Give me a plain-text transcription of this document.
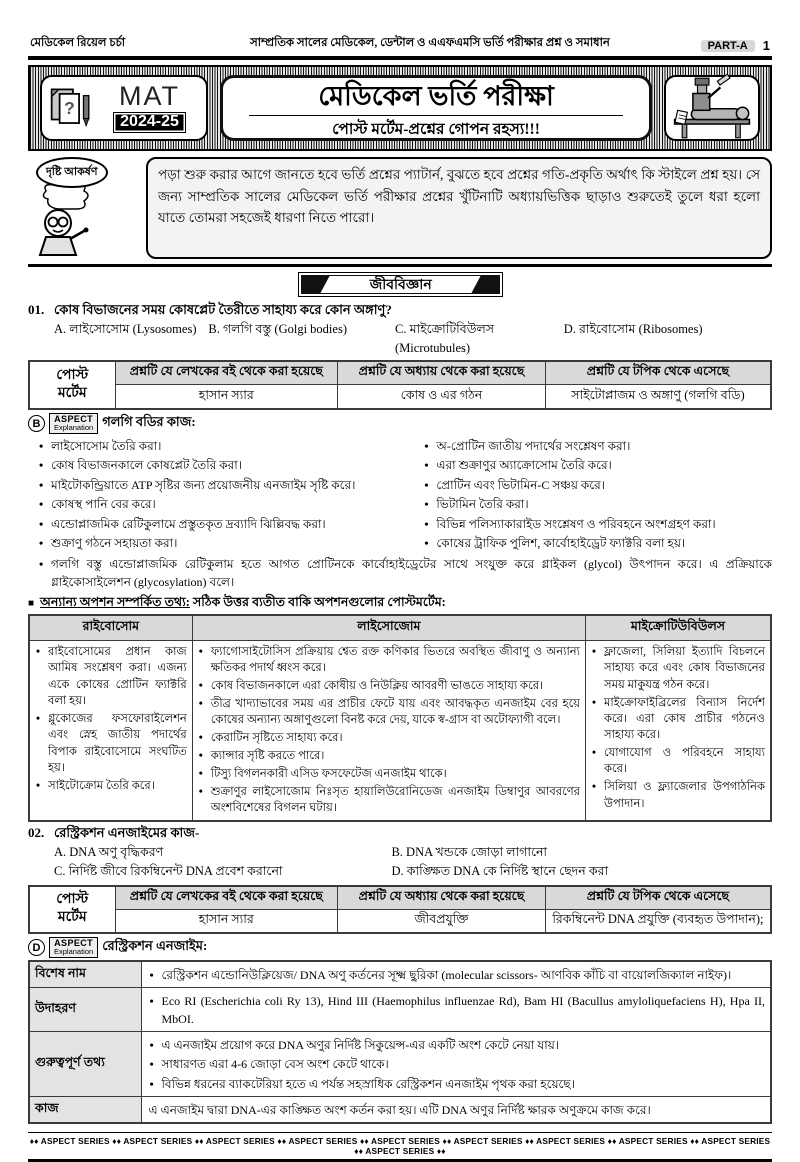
মেডিকেল রিয়েল চর্চা	সাম্প্রতিক সালের মেডিকেল, ডেন্টাল ও এএফএমসি ভর্তি পরীক্ষার প্রশ্ন ও সমাধান	PART-A	1
?	MAT
2024-25
মেডিকেল ভর্তি পরীক্ষা
পোস্ট মর্টেম-প্রশ্নের গোপন রহস্য!!!
দৃষ্টি আকর্ষণ	পড়া শুরু করার আগে জানতে হবে ভর্তি প্রশ্নের প্যাটার্ন, বুঝতে হবে প্রশ্নের গতি-প্রকৃতি অর্থাৎ কি স্টাইলে প্রশ্ন হয়। সে জন্য সাম্প্রতিক সালের মেডিকেল ভর্তি পরীক্ষার প্রশ্নের খুঁটিনাটি অধ্যায়ভিত্তিক ছাড়াও শুরুতেই তুলে ধরা হলো যাতে তোমরা সহজেই ধারণা নিতে পারো।
জীববিজ্ঞান
01. কোষ বিভাজনের সময় কোষপ্লেট তৈরীতে সাহায্য করে কোন অঙ্গাণু?
A. লাইসোসোম (Lysosomes) B. গলগি বস্তু (Golgi bodies)	C. মাইক্রোটিবিউলস (Microtubules)
D. রাইবোসোম (Ribosomes)
পোস্ট
মর্টেম	প্রশ্নটি যে লেখকের বই থেকে করা হয়েছে	প্রশ্নটি যে অধ্যায় থেকে করা হয়েছে	প্রশ্নটি যে টপিক থেকে এসেছে
	হাসান স্যার	কোষ ও এর গঠন	সাইটোপ্লাজম ও অঙ্গাণু (গলগি বডি)
B	ASPECT
Explanation গলগি বডির কাজ:
• লাইসোসোম তৈরি করা।
• কোষ বিভাজনকালে কোষপ্লেট তৈরি করা।
• মাইটোকন্ড্রিয়াতে ATP সৃষ্টির জন্য প্রয়োজনীয় এনজাইম সৃষ্টি করে।
• কোষস্থ পানি বের করে।
• এন্ডোপ্লাজমিক রেটিকুলামে প্রস্তুতকৃত দ্রব্যাদি ঝিল্লিবদ্ধ করা।
• শুক্রাণু গঠনে সহায়তা করা।
• অ-প্রোটিন জাতীয় পদার্থের সংশ্লেষণ করা।
• এরা শুক্রাণুর অ্যাক্রোসোম তৈরি করে।
• প্রোটিন এবং ভিটামিন-C সঞ্চয় করে।
• ভিটামিন তৈরি করা।
• বিভিন্ন পলিস্যাকারাইড সংশ্লেষণ ও পরিবহনে অংশগ্রহণ করা।
• কোষের ট্রাফিক পুলিশ, কার্বোহাইড্রেট ফ্যাক্টরি বলা হয়।
• গলগি বস্তু এন্ডোপ্লাজমিক রেটিকুলাম হতে আগত প্রোটিনকে কার্বোহাইড্রেটের সাথে সংযুক্ত করে গ্লাইকল (glycol) উৎপাদন করে। এ প্রক্রিয়াকে গ্লাইকোসাইলেশন (glycosylation) বলে।
■ অন্যান্য অপশন সম্পর্কিত তথ্য: সঠিক উত্তর ব্যতীত বাকি অপশনগুলোর পোস্টমর্টেম:
রাইবোসোম	লাইসোজোম	মাইক্রোটিউবিউলস

• রাইবোসোমের প্রধান কাজ আমিষ সংশ্লেষণ করা। এজন্য একে কোষের প্রোটিন ফ্যাক্টরি বলা হয়।
• গ্লুকোজের ফসফোরাইলেশন এবং স্নেহ জাতীয় পদার্থের বিপাক রাইবোসোমে সংঘটিত হয়।
• সাইটোক্রোম তৈরি করে।

• ফ্যাগোসাইটোসিস প্রক্রিয়ায় শ্বেত রক্ত কণিকার ভিতরে অবস্থিত জীবাণু ও অন্যান্য ক্ষতিকর পদার্থ ধ্বংস করে।
• কোষ বিভাজনকালে এরা কোষীয় ও নিউক্লিয় আবরণী ভাঙতে সাহায্য করে।
• তীব্র খাদ্যাভাবের সময় এর প্রাচীর ফেটে যায় এবং আবদ্ধকৃত এনজাইম বের হয়ে কোষের অন্যান্য অঙ্গাণুগুলো বিনষ্ট করে দেয়, যাকে স্ব-গ্রাস বা অটোফ্যাগী বলে।
• কেরাটিন সৃষ্টিতে সাহায্য করে।
• ক্যান্সার সৃষ্টি করতে পারে।
• টিস্যু বিগলনকারী এসিড ফসফেটেজ এনজাইম থাকে।
• শুক্রাণুর লাইসোজোম নিঃসৃত হায়ালিউরোনিডেজ এনজাইম ডিম্বাণুর আবরণের অংশবিশেষের বিগলন ঘটায়।

• ফ্লাজেলা, সিলিয়া ইত্যাদি বিচলনে সাহায্য করে এবং কোষ বিভাজনের সময় মাকুযন্ত্র গঠন করে।
• মাইক্রোফাইব্রিলের বিন্যাস নির্দেশ করে। এরা কোষ প্রাচীর গঠনেও সাহায্য করে।
• যোগাযোগ ও পরিবহনে সাহায্য করে।
• সিলিয়া ও ফ্ল্যাজেলার উপগাঠনিক উপাদান।
02. রেস্ট্রিকশন এনজাইমের কাজ-
A. DNA অণু বৃদ্ধিকরণ	B. DNA খন্ডকে জোড়া লাগানো
C. নির্দিষ্ট জীবে রিকম্বিনেন্ট DNA প্রবেশ করানো	D. কাঙ্ক্ষিত DNA কে নির্দিষ্ট স্থানে ছেদন করা
পোস্ট
মর্টেম	প্রশ্নটি যে লেখকের বই থেকে করা হয়েছে	প্রশ্নটি যে অধ্যায় থেকে করা হয়েছে	প্রশ্নটি যে টপিক থেকে এসেছে
	হাসান স্যার	জীবপ্রযুক্তি	রিকম্বিনেন্ট DNA প্রযুক্তি (ব্যবহৃত উপাদান);
D	ASPECT
Explanation রেস্ট্রিকশন এনজাইম:
বিশেষ নাম	
•রেস্ট্রিকশন এন্ডোনিউক্লিয়েজ/ DNA অণু কর্তনের সূক্ষ্ম ছুরিকা (molecular scissors- আণবিক কাঁচি বা বায়োলজিক্যাল নাইফ)।

উদাহরণ	
•Eco RI (Escherichia coli Ry 13), Hind III (Haemophilus influenzae Rd), Bam HI (Bacullus amyloliquefaciens H), Hpa II, MbOI.

গুরুত্বপূর্ণ তথ্য	
• এ এনজাইম প্রয়োগ করে DNA অণুর নির্দিষ্ট সিকুয়েন্স-এর একটি অংশ কেটে নেয়া যায়।
• সাধারণত এরা 4-6 জোড়া বেস অংশ কেটে থাকে।
• বিভিন্ন ধরনের ব্যাকটেরিয়া হতে এ পর্যন্ত সহস্রাধিক রেস্ট্রিকশন এনজাইম পৃথক করা হয়েছে।

কাজ	এ এনজাইম দ্বারা DNA-এর কাঙ্ক্ষিত অংশ কর্তন করা হয়। এটি DNA অণুর নির্দিষ্ট ক্ষারক অণুক্রমে কাজ করে।
♦♦ ASPECT SERIES ♦♦ ASPECT SERIES ♦♦ ASPECT SERIES ♦♦ ASPECT SERIES ♦♦ ASPECT SERIES ♦♦ ASPECT SERIES ♦♦ ASPECT SERIES ♦♦ ASPECT SERIES ♦♦ ASPECT SERIES ♦♦ ASPECT SERIES ♦♦
